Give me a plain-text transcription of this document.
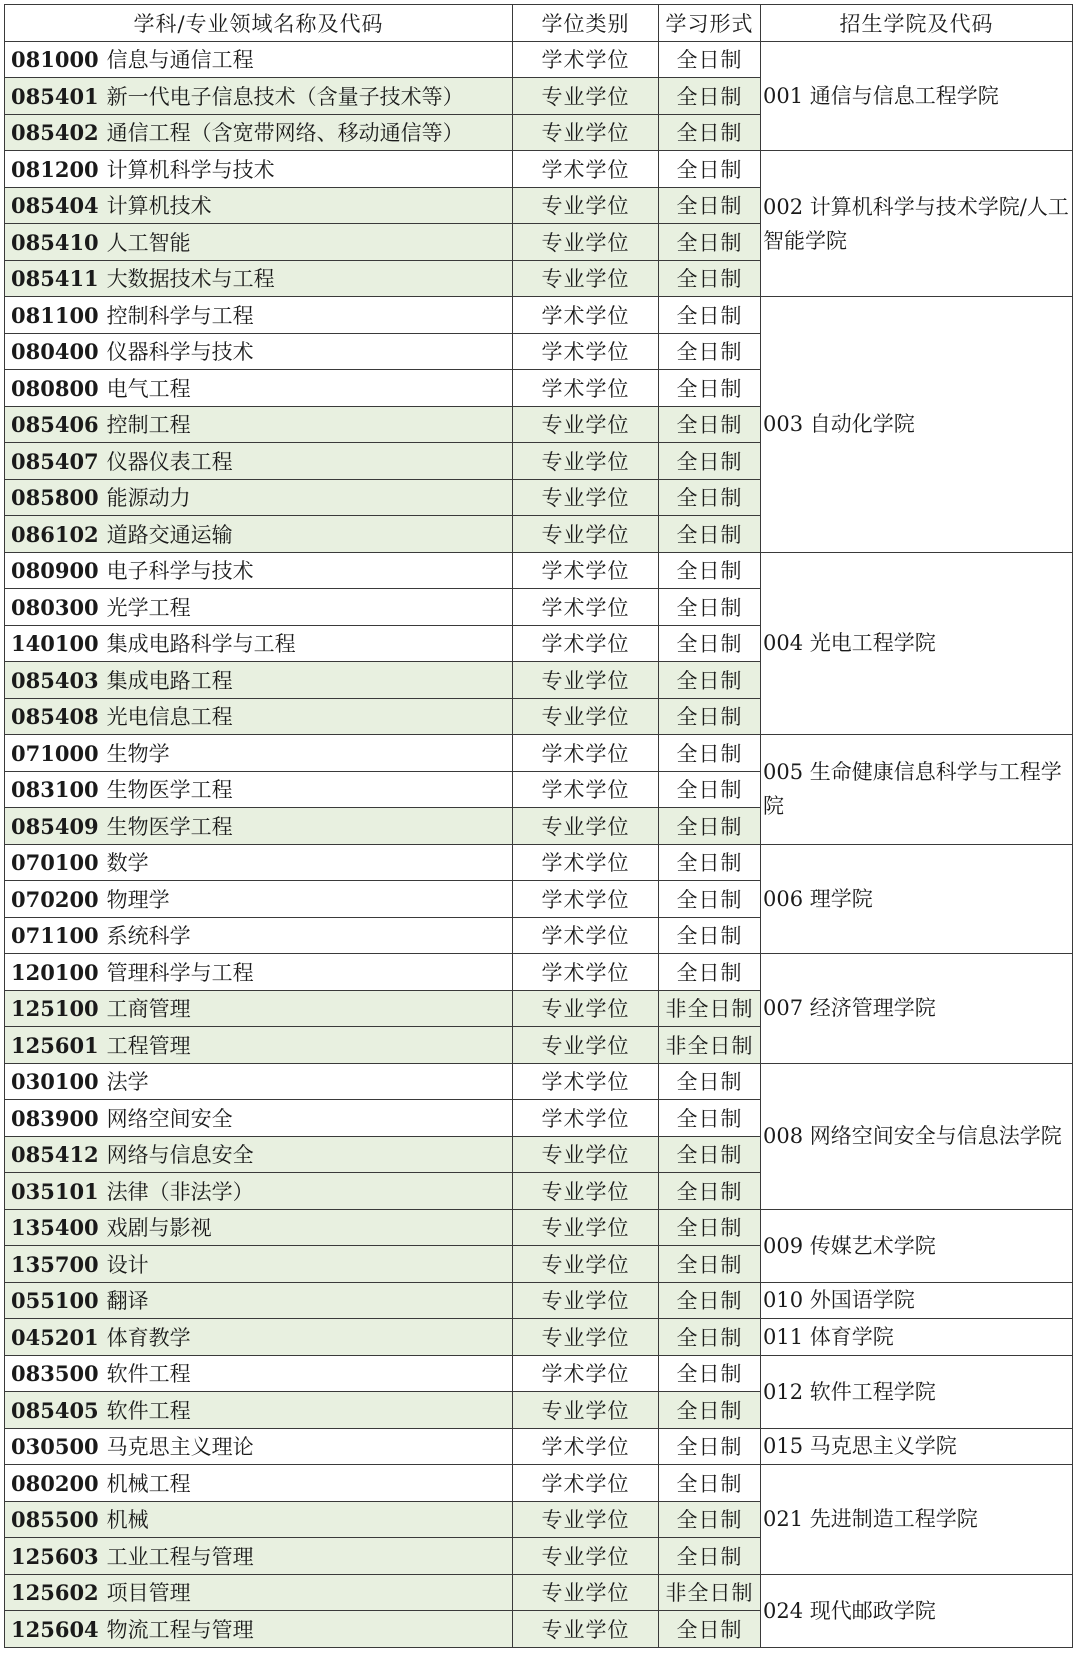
学科/专业领域名称及代码	学位类别	学习形式	招生学院及代码
081000 信息与通信工程	学术学位	全日制	001 通信与信息工程学院
085401 新一代电子信息技术（含量子技术等）	专业学位	全日制	
085402 通信工程（含宽带网络、移动通信等）	专业学位	全日制	
081200 计算机科学与技术	学术学位	全日制	002 计算机科学与技术学院/人工智能学院
085404 计算机技术	专业学位	全日制	
085410 人工智能	专业学位	全日制	
085411 大数据技术与工程	专业学位	全日制	
081100 控制科学与工程	学术学位	全日制	003 自动化学院
080400 仪器科学与技术	学术学位	全日制	
080800 电气工程	学术学位	全日制	
085406 控制工程	专业学位	全日制	
085407 仪器仪表工程	专业学位	全日制	
085800 能源动力	专业学位	全日制	
086102 道路交通运输	专业学位	全日制	
080900 电子科学与技术	学术学位	全日制	004 光电工程学院
080300 光学工程	学术学位	全日制	
140100 集成电路科学与工程	学术学位	全日制	
085403 集成电路工程	专业学位	全日制	
085408 光电信息工程	专业学位	全日制	
071000 生物学	学术学位	全日制	005 生命健康信息科学与工程学院
083100 生物医学工程	学术学位	全日制	
085409 生物医学工程	专业学位	全日制	
070100 数学	学术学位	全日制	006 理学院
070200 物理学	学术学位	全日制	
071100 系统科学	学术学位	全日制	
120100 管理科学与工程	学术学位	全日制	007 经济管理学院
125100 工商管理	专业学位	非全日制	
125601 工程管理	专业学位	非全日制	
030100 法学	学术学位	全日制	008 网络空间安全与信息法学院
083900 网络空间安全	学术学位	全日制	
085412 网络与信息安全	专业学位	全日制	
035101 法律（非法学）	专业学位	全日制	
135400 戏剧与影视	专业学位	全日制	009 传媒艺术学院
135700 设计	专业学位	全日制	
055100 翻译	专业学位	全日制	010 外国语学院
045201 体育教学	专业学位	全日制	011 体育学院
083500 软件工程	学术学位	全日制	012 软件工程学院
085405 软件工程	专业学位	全日制	
030500 马克思主义理论	学术学位	全日制	015 马克思主义学院
080200 机械工程	学术学位	全日制	021 先进制造工程学院
085500 机械	专业学位	全日制	
125603 工业工程与管理	专业学位	全日制	
125602 项目管理	专业学位	非全日制	024 现代邮政学院
125604 物流工程与管理	专业学位	全日制	
